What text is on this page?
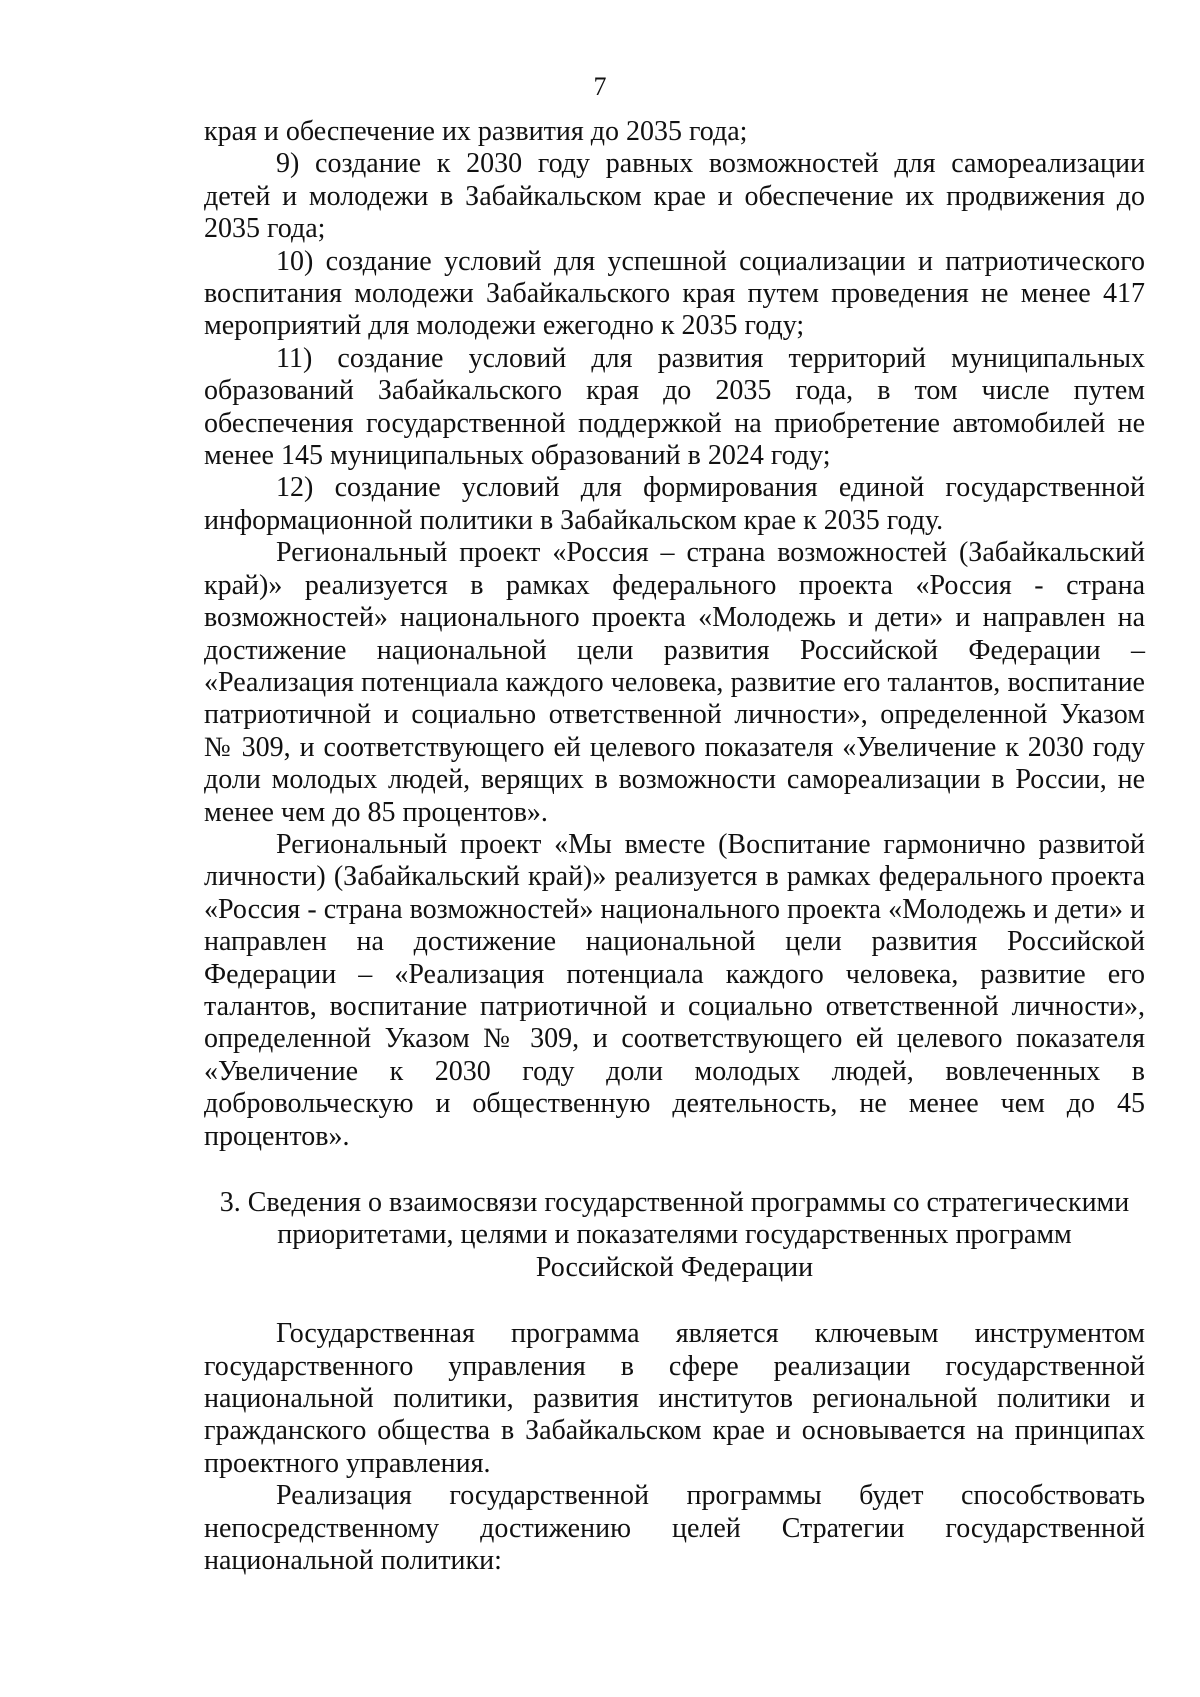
7

края и обеспечение их развития до 2035 года;

9) создание к 2030 году равных возможностей для самореализации детей и молодежи в Забайкальском крае и обеспечение их продвижения до 2035 года;

10) создание условий для успешной социализации и патриотического воспитания молодежи Забайкальского края путем проведения не менее 417 мероприятий для молодежи ежегодно к 2035 году;

11) создание условий для развития территорий муниципальных образований Забайкальского края до 2035 года, в том числе путем обеспечения государственной поддержкой на приобретение автомобилей не менее 145 муниципальных образований в 2024 году;

12) создание условий для формирования единой государственной информационной политики в Забайкальском крае к 2035 году.

Региональный проект «Россия – страна возможностей (Забайкальский край)» реализуется в рамках федерального проекта «Россия - страна возможностей» национального проекта «Молодежь и дети» и направлен на достижение национальной цели развития Российской Федерации – «Реализация потенциала каждого человека, развитие его талантов, воспитание патриотичной и социально ответственной личности», определенной Указом № 309, и соответствующего ей целевого показателя «Увеличение к 2030 году доли молодых людей, верящих в возможности самореализации в России, не менее чем до 85 процентов».

Региональный проект «Мы вместе (Воспитание гармонично развитой личности) (Забайкальский край)» реализуется в рамках федерального проекта «Россия - страна возможностей» национального проекта «Молодежь и дети» и направлен на достижение национальной цели развития Российской Федерации – «Реализация потенциала каждого человека, развитие его талантов, воспитание патриотичной и социально ответственной личности», определенной Указом № 309, и соответствующего ей целевого показателя «Увеличение к 2030 году доли молодых людей, вовлеченных в добровольческую и общественную деятельность, не менее чем до 45 процентов».

3. Сведения о взаимосвязи государственной программы со стратегическими приоритетами, целями и показателями государственных программ Российской Федерации

Государственная программа является ключевым инструментом государственного управления в сфере реализации государственной национальной политики, развития институтов региональной политики и гражданского общества в Забайкальском крае и основывается на принципах проектного управления.

Реализация государственной программы будет способствовать непосредственному достижению целей Стратегии государственной национальной политики:
